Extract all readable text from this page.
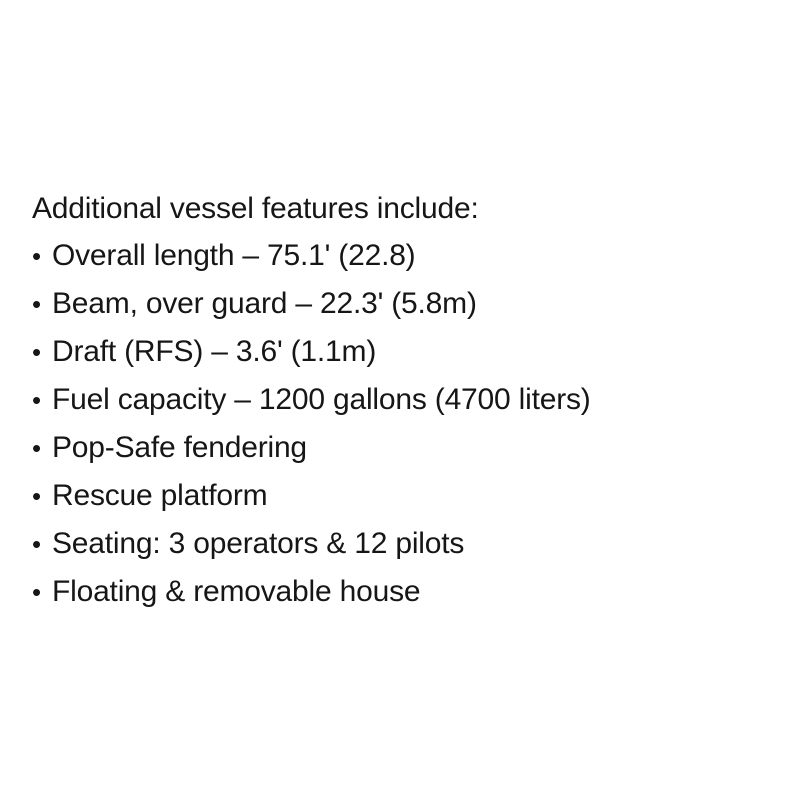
Additional vessel features include:
• Overall length – 75.1' (22.8)
• Beam, over guard – 22.3' (5.8m)
• Draft (RFS) – 3.6' (1.1m)
• Fuel capacity – 1200 gallons (4700 liters)
• Pop-Safe fendering
• Rescue platform
• Seating: 3 operators & 12 pilots
• Floating & removable house
